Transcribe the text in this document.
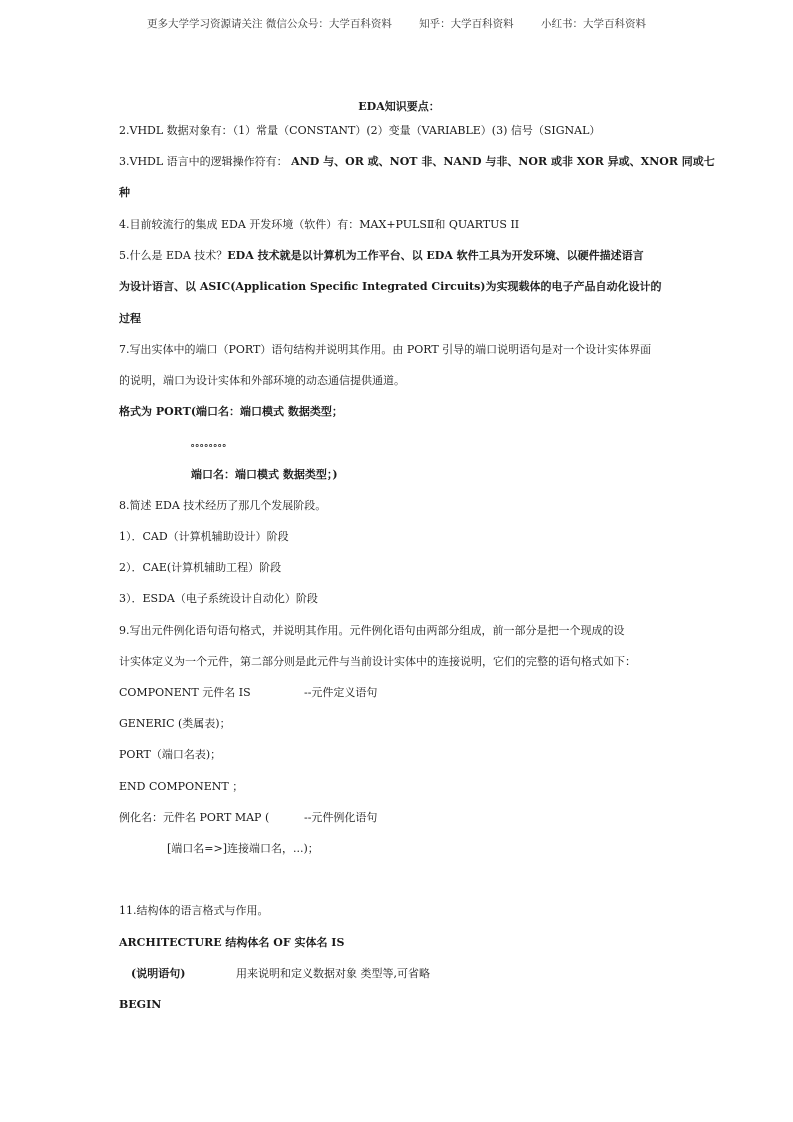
更多大学学习资源请关注 微信公众号：大学百科资料	知乎：大学百科资料	小红书：大学百科资料
EDA知识要点：
2.VHDL 数据对象有：（1）常量（CONSTANT）(2）变量（VARIABLE）(3) 信号（SIGNAL）
3.VHDL 语言中的逻辑操作符有： AND 与、OR 或、NOT 非、NAND 与非、NOR 或非 XOR 异或、XNOR 同或七
种
4.目前较流行的集成 EDA 开发环境（软件）有：MAX+PULSⅡ和 QUARTUS II
5.什么是 EDA 技术？EDA 技术就是以计算机为工作平台、以 EDA 软件工具为开发环境、以硬件描述语言
为设计语言、以 ASIC(Application Specific Integrated Circuits)为实现载体的电子产品自动化设计的
过程
7.写出实体中的端口（PORT）语句结构并说明其作用。由 PORT 引导的端口说明语句是对一个设计实体界面
的说明，端口为设计实体和外部环境的动态通信提供通道。
格式为 PORT(端口名：端口模式 数据类型；
。。。。。。。。
端口名：端口模式 数据类型；)
8.简述 EDA 技术经历了那几个发展阶段。
1）．CAD（计算机辅助设计）阶段
2）．CAE(计算机辅助工程）阶段
3）．ESDA（电子系统设计自动化）阶段
9.写出元件例化语句语句格式，并说明其作用。元件例化语句由两部分组成，前一部分是把一个现成的设
计实体定义为一个元件，第二部分则是此元件与当前设计实体中的连接说明，它们的完整的语句格式如下：
COMPONENT 元件名 IS	--元件定义语句
GENERIC (类属表)；
PORT（端口名表)；
END COMPONENT ；
例化名：元件名 PORT MAP (	--元件例化语句
[端口名=>]连接端口名，...)；
11.结构体的语言格式与作用。
ARCHITECTURE 结构体名 OF 实体名 IS
(说明语句)	用来说明和定义数据对象 类型等,可省略
BEGIN
